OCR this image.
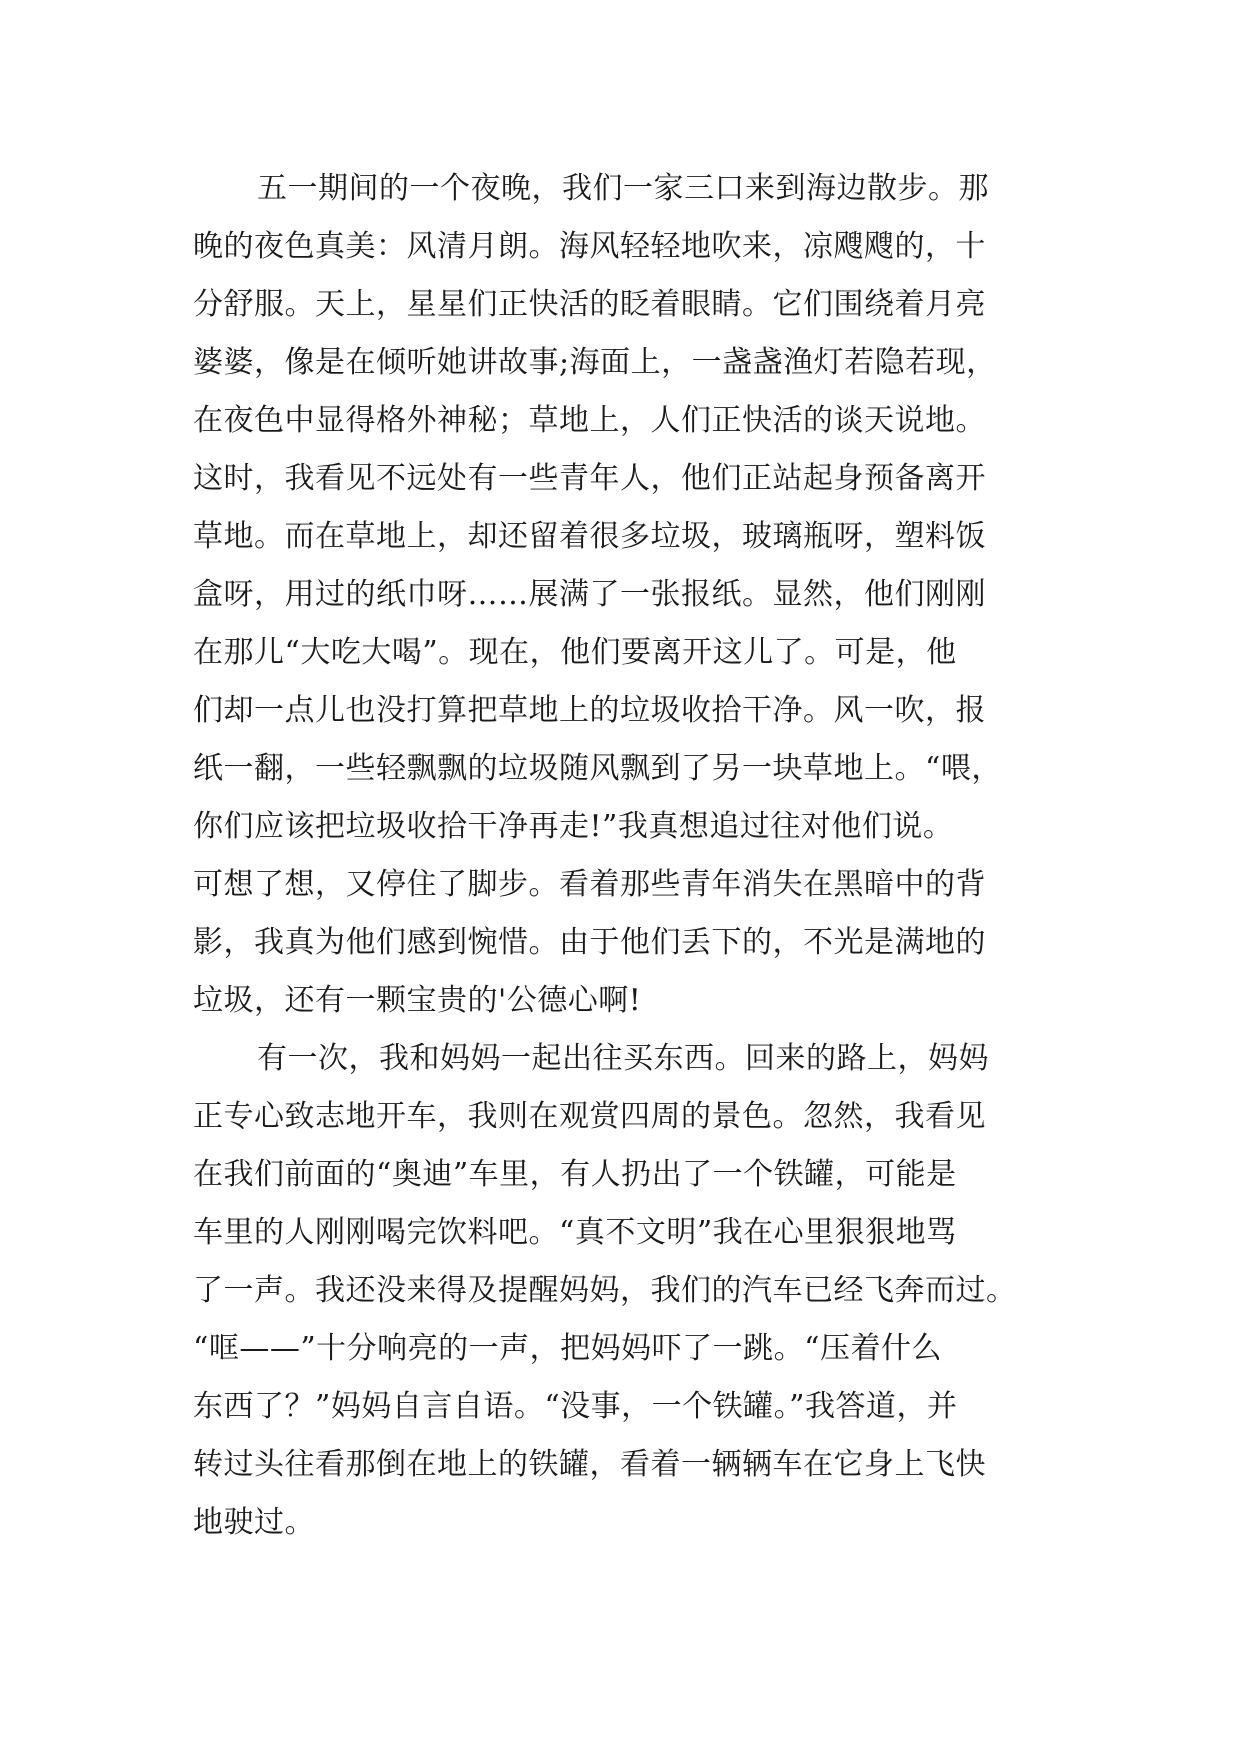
五一期间的一个夜晚，我们一家三口来到海边散步。那
晚的夜色真美：风清月朗。海风轻轻地吹来，凉飕飕的，十
分舒服。天上，星星们正快活的眨着眼睛。它们围绕着月亮
婆婆，像是在倾听她讲故事;海面上，一盏盏渔灯若隐若现，
在夜色中显得格外神秘；草地上，人们正快活的谈天说地。
这时，我看见不远处有一些青年人，他们正站起身预备离开
草地。而在草地上，却还留着很多垃圾，玻璃瓶呀，塑料饭
盒呀，用过的纸巾呀……展满了一张报纸。显然，他们刚刚
在那儿“大吃大喝”。现在，他们要离开这儿了。可是，他
们却一点儿也没打算把草地上的垃圾收拾干净。风一吹，报
纸一翻，一些轻飘飘的垃圾随风飘到了另一块草地上。“喂，
你们应该把垃圾收拾干净再走!”我真想追过往对他们说。
可想了想，又停住了脚步。看着那些青年消失在黑暗中的背
影，我真为他们感到惋惜。由于他们丢下的，不光是满地的
垃圾，还有一颗宝贵的'公德心啊!
有一次，我和妈妈一起出往买东西。回来的路上，妈妈
正专心致志地开车，我则在观赏四周的景色。忽然，我看见
在我们前面的“奥迪”车里，有人扔出了一个铁罐，可能是
车里的人刚刚喝完饮料吧。“真不文明”我在心里狠狠地骂
了一声。我还没来得及提醒妈妈，我们的汽车已经飞奔而过。
“哐——”十分响亮的一声，把妈妈吓了一跳。“压着什么
东西了？”妈妈自言自语。“没事，一个铁罐。”我答道，并
转过头往看那倒在地上的铁罐，看着一辆辆车在它身上飞快
地驶过。
